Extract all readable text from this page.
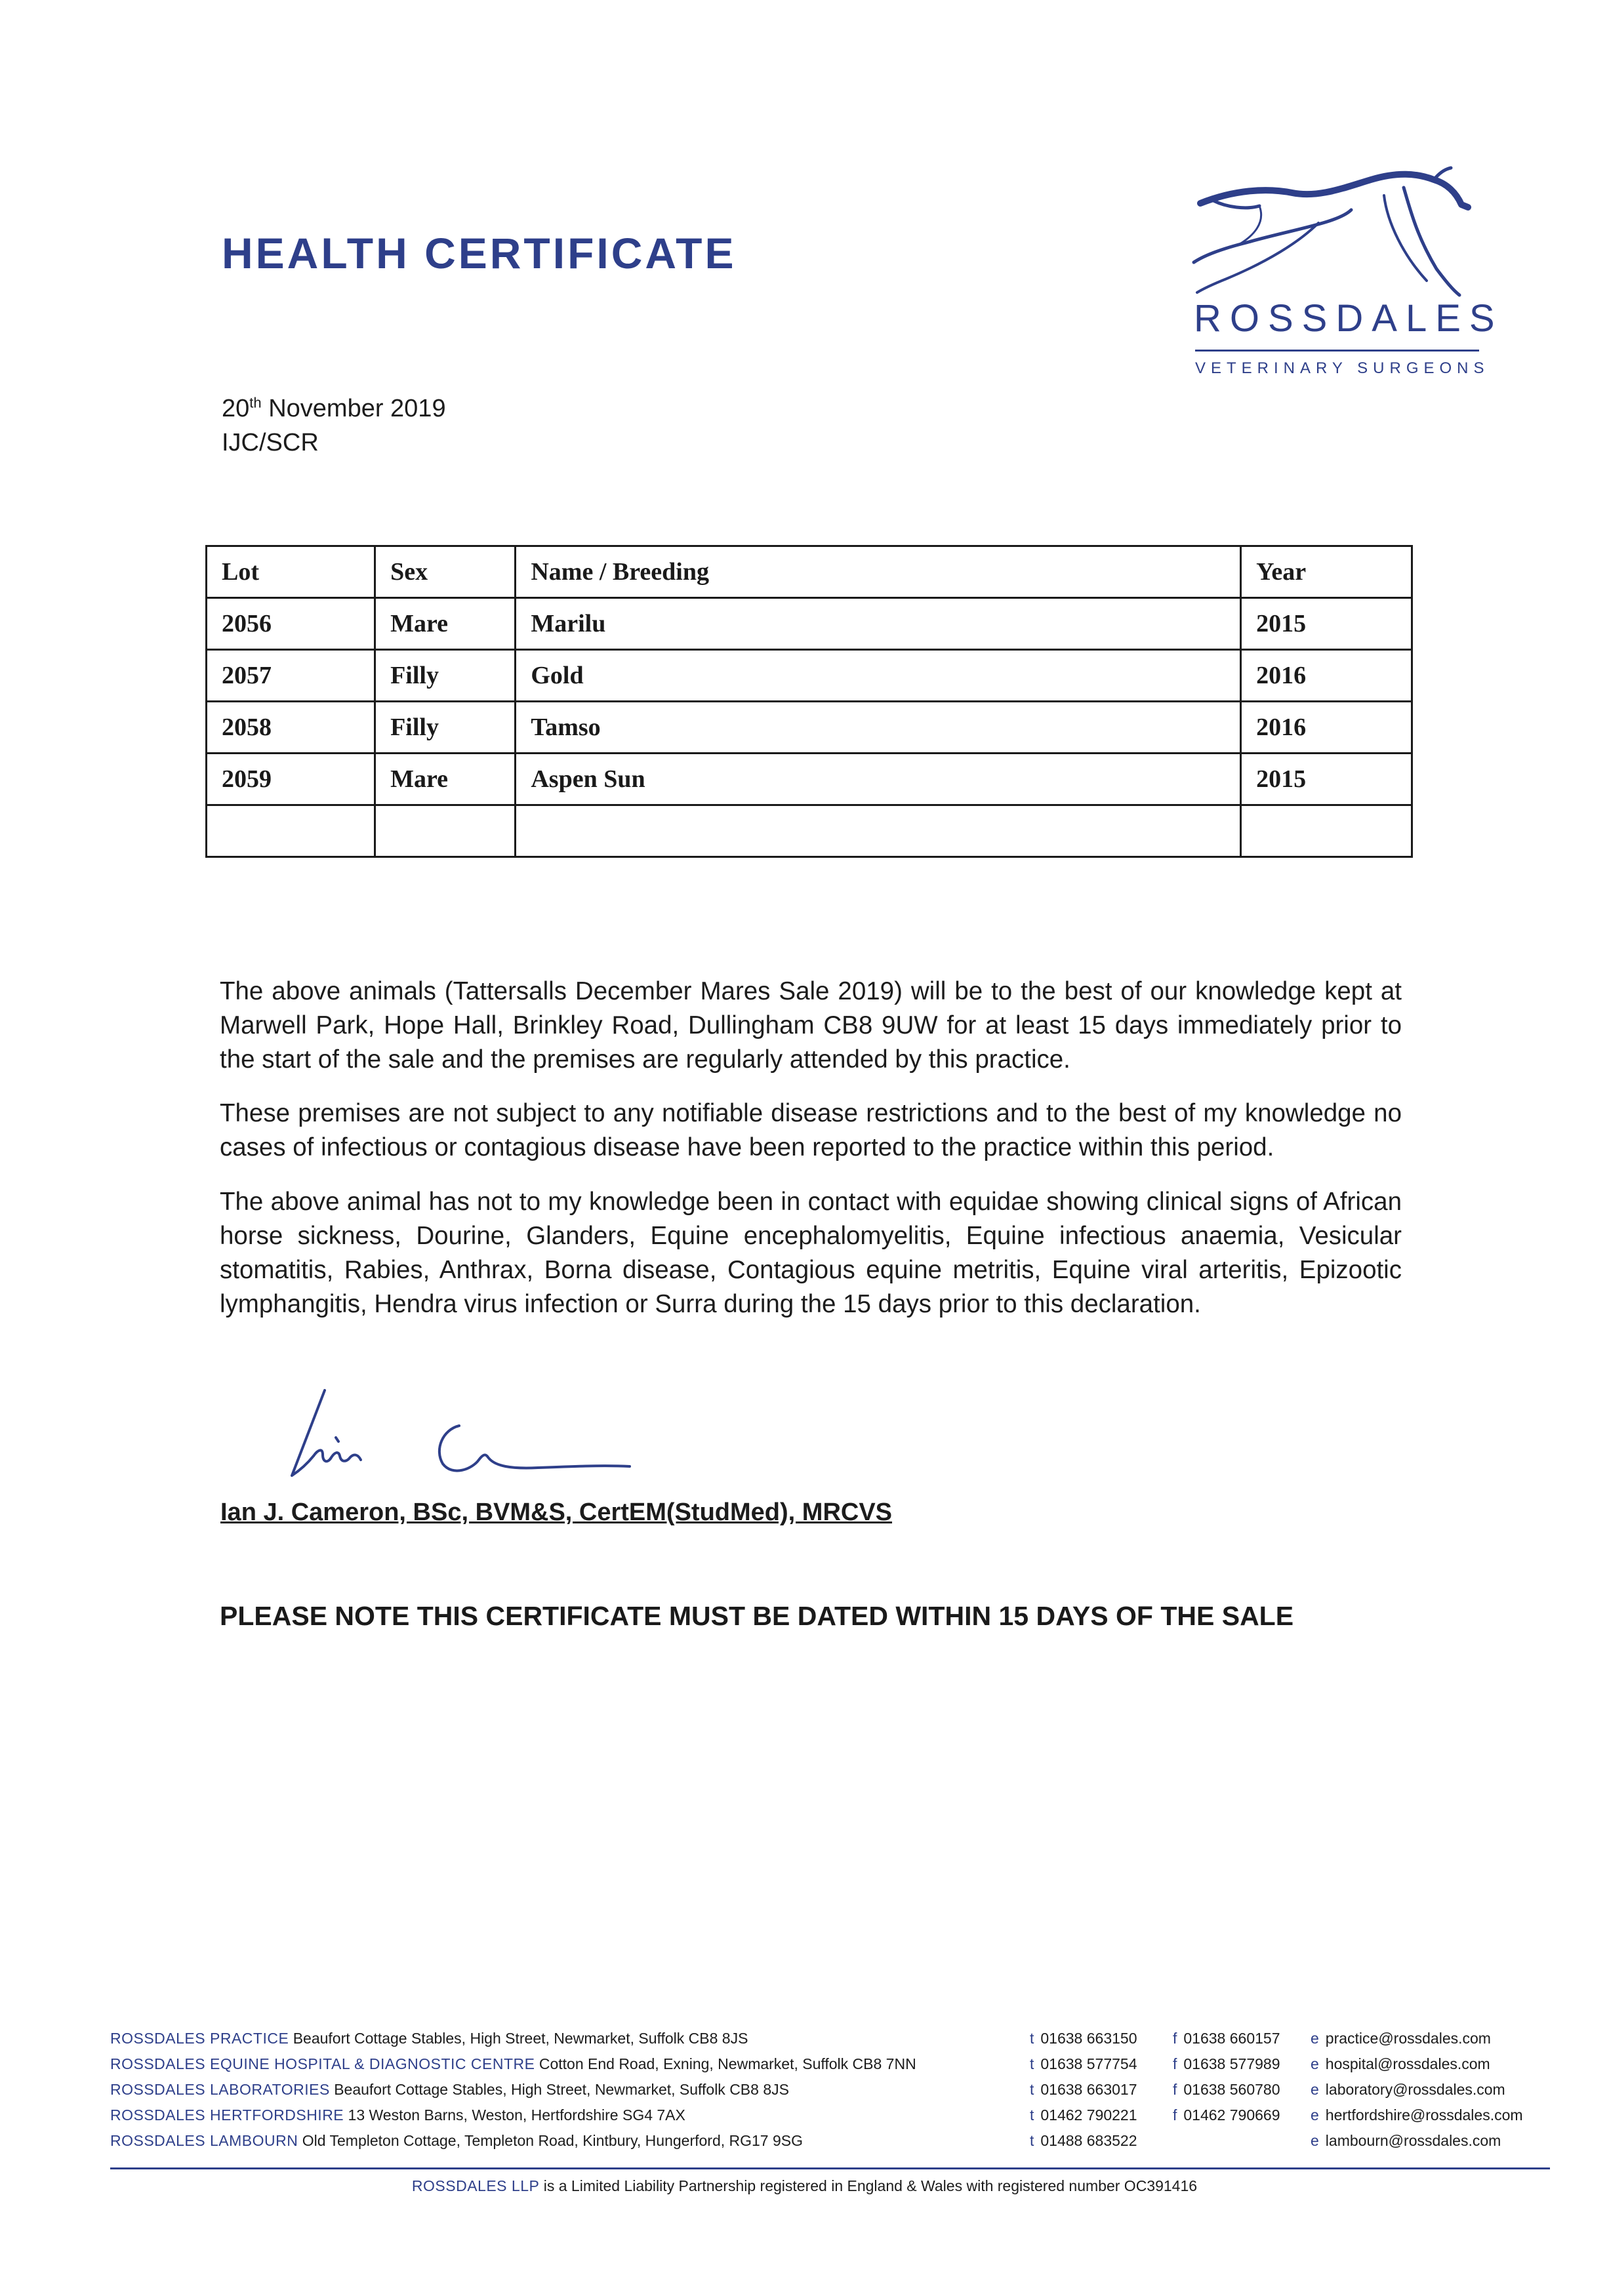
HEALTH CERTIFICATE
ROSSDALES
VETERINARY SURGEONS
20th November 2019
IJC/SCR
Lot	Sex	Name / Breeding	Year
2056	Mare	Marilu	2015
2057	Filly	Gold	2016
2058	Filly	Tamso	2016
2059	Mare	Aspen Sun	2015

The above animals (Tattersalls December Mares Sale 2019) will be to the best of our knowledge kept at Marwell Park, Hope Hall, Brinkley Road, Dullingham CB8 9UW for at least 15 days immediately prior to the start of the sale and the premises are regularly attended by this practice.

These premises are not subject to any notifiable disease restrictions and to the best of my knowledge no cases of infectious or contagious disease have been reported to the practice within this period.

The above animal has not to my knowledge been in contact with equidae showing clinical signs of African horse sickness, Dourine, Glanders, Equine encephalomyelitis, Equine infectious anaemia, Vesicular stomatitis, Rabies, Anthrax, Borna disease, Contagious equine metritis, Equine viral arteritis, Epizootic lymphangitis, Hendra virus infection or Surra during the 15 days prior to this declaration.

Ian J. Cameron, BSc, BVM&S, CertEM(StudMed), MRCVS
PLEASE NOTE THIS CERTIFICATE MUST BE DATED WITHIN 15 DAYS OF THE SALE
ROSSDALES PRACTICE Beaufort Cottage Stables, High Street, Newmarket, Suffolk CB8 8JS	t 01638 663150 f 01638 660157 e practice@rossdales.com
ROSSDALES EQUINE HOSPITAL & DIAGNOSTIC CENTRE Cotton End Road, Exning, Newmarket, Suffolk CB8 7NN	t 01638 577754 f 01638 577989 e hospital@rossdales.com
ROSSDALES LABORATORIES Beaufort Cottage Stables, High Street, Newmarket, Suffolk CB8 8JS	t 01638 663017 f 01638 560780 e laboratory@rossdales.com
ROSSDALES HERTFORDSHIRE 13 Weston Barns, Weston, Hertfordshire SG4 7AX	t 01462 790221 f 01462 790669 e hertfordshire@rossdales.com
ROSSDALES LAMBOURN Old Templeton Cottage, Templeton Road, Kintbury, Hungerford, RG17 9SG	t 01488 683522	e lambourn@rossdales.com
ROSSDALES LLP is a Limited Liability Partnership registered in England & Wales with registered number OC391416
